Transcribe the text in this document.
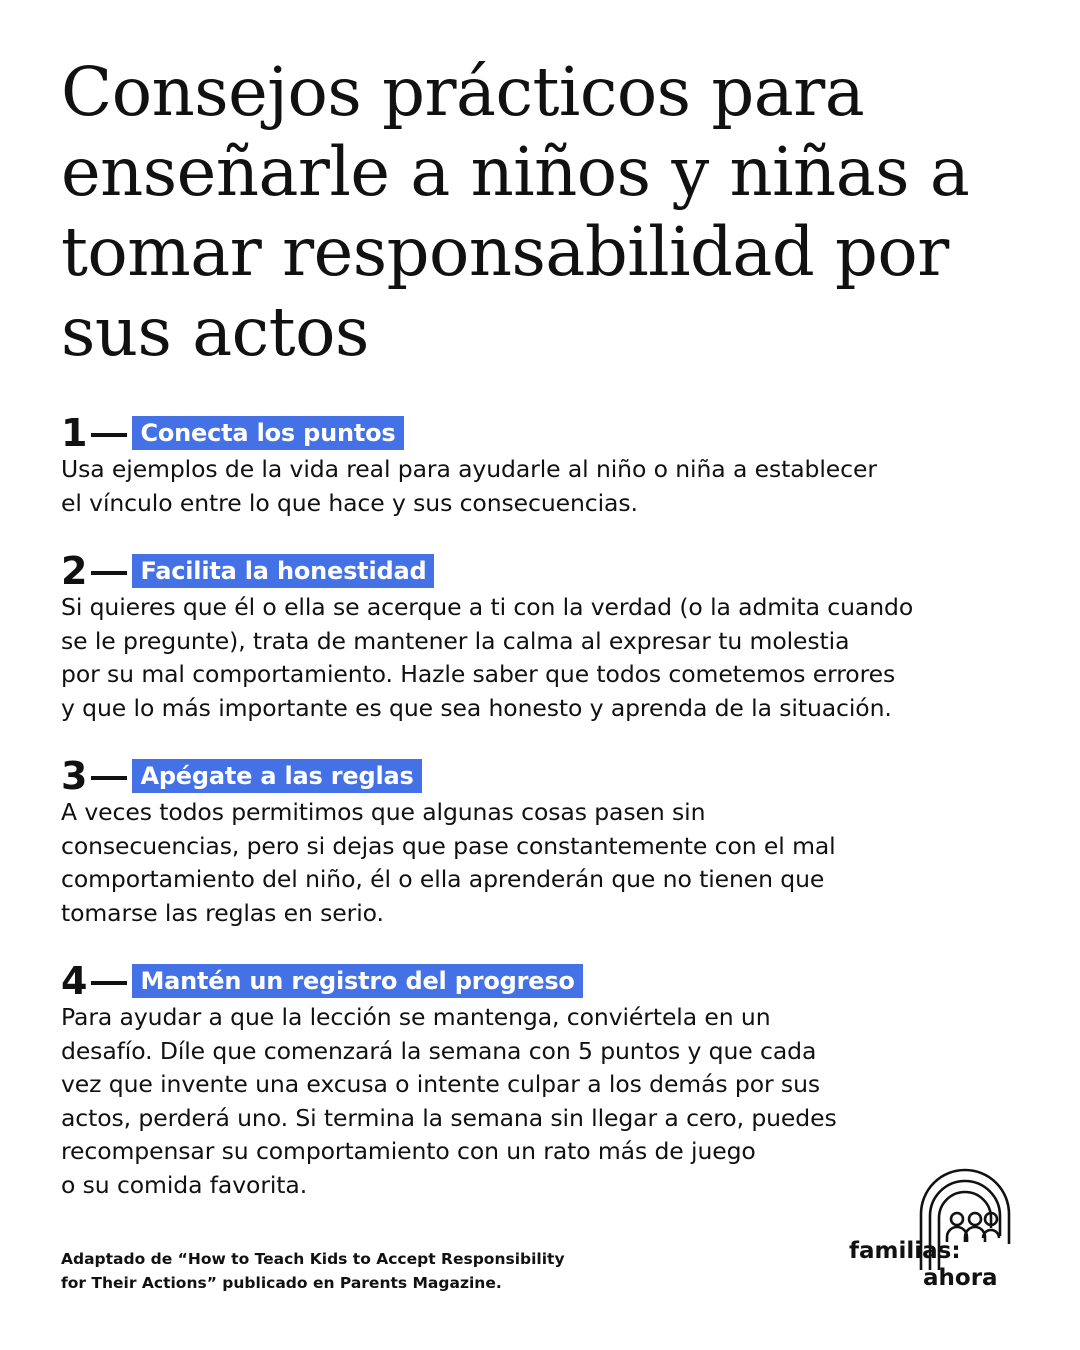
Consejos prácticos para enseñarle a niños y niñas a tomar responsabilidad por sus actos
1	Conecta los puntos

Usa ejemplos de la vida real para ayudarle al niño o niña a establecer
el vínculo entre lo que hace y sus consecuencias.

2	Facilita la honestidad

Si quieres que él o ella se acerque a ti con la verdad (o la admita cuando
se le pregunte), trata de mantener la calma al expresar tu molestia
por su mal comportamiento. Hazle saber que todos cometemos errores
y que lo más importante es que sea honesto y aprenda de la situación.

3	Apégate a las reglas

A veces todos permitimos que algunas cosas pasen sin
consecuencias, pero si dejas que pase constantemente con el mal
comportamiento del niño, él o ella aprenderán que no tienen que
tomarse las reglas en serio.

4	Mantén un registro del progreso

Para ayudar a que la lección se mantenga, conviértela en un
desafío. Díle que comenzará la semana con 5 puntos y que cada
vez que invente una excusa o intente culpar a los demás por sus
actos, perderá uno. Si termina la semana sin llegar a cero, puedes
recompensar su comportamiento con un rato más de juego
o su comida favorita.

Adaptado de “How to Teach Kids to Accept Responsibility
for Their Actions” publicado en Parents Magazine.

familias:
ahora
